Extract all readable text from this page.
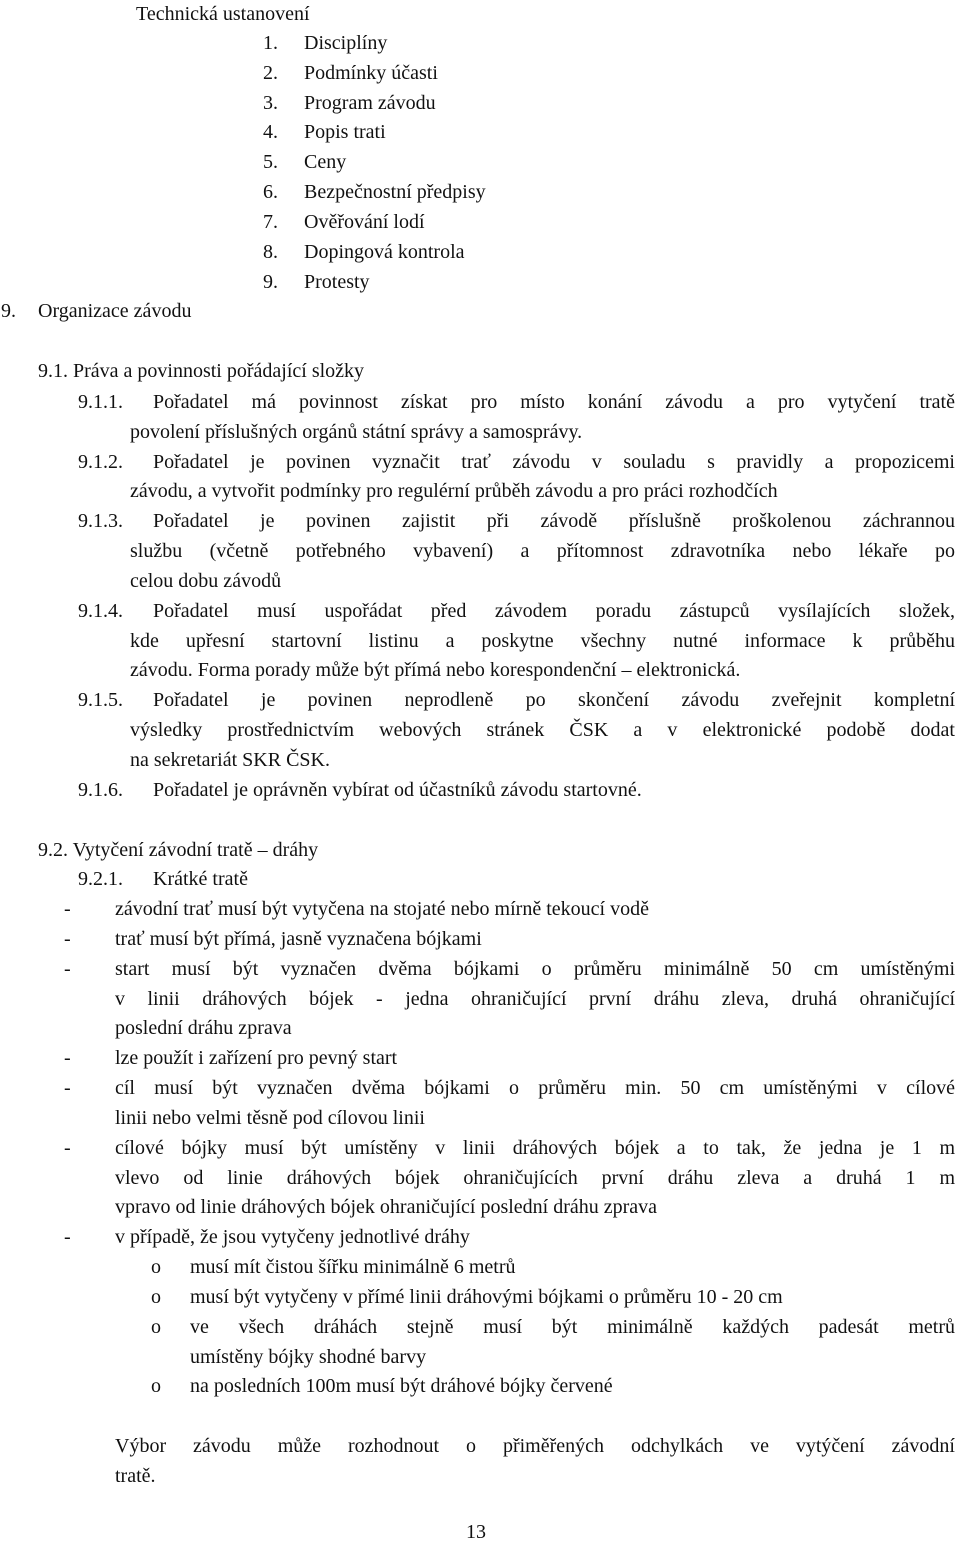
Technická ustanovení
1. Disciplíny
2. Podmínky účasti
3. Program závodu
4. Popis trati
5. Ceny
6. Bezpečnostní předpisy
7. Ověřování lodí
8. Dopingová kontrola
9. Protesty
9. Organizace závodu
9.1. Práva a povinnosti pořádající složky
9.1.1. Pořadatel má povinnost získat pro místo konání závodu a pro vytyčení tratě
povolení příslušných orgánů státní správy a samosprávy.
9.1.2. Pořadatel je povinen vyznačit trať závodu v souladu s pravidly a propozicemi
závodu, a vytvořit podmínky pro regulérní průběh závodu a pro práci rozhodčích
9.1.3. Pořadatel je povinen zajistit při závodě příslušně proškolenou záchrannou
službu (včetně potřebného vybavení) a přítomnost zdravotníka nebo lékaře po
celou dobu závodů
9.1.4. Pořadatel musí uspořádat před závodem poradu zástupců vysílajících složek,
kde upřesní startovní listinu a poskytne všechny nutné informace k průběhu
závodu. Forma porady může být přímá nebo korespondenční – elektronická.
9.1.5. Pořadatel je povinen neprodleně po skončení závodu zveřejnit kompletní
výsledky prostřednictvím webových stránek ČSK a v elektronické podobě dodat
na sekretariát SKR ČSK.
9.1.6. Pořadatel je oprávněn vybírat od účastníků závodu startovné.
9.2. Vytyčení závodní tratě – dráhy
9.2.1. Krátké tratě
- závodní trať musí být vytyčena na stojaté nebo mírně tekoucí vodě
- trať musí být přímá, jasně vyznačena bójkami
- start musí být vyznačen dvěma bójkami o průměru minimálně 50 cm umístěnými
v linii dráhových bójek - jedna ohraničující první dráhu zleva, druhá ohraničující
poslední dráhu zprava
- lze použít i zařízení pro pevný start
- cíl musí být vyznačen dvěma bójkami o průměru min. 50 cm umístěnými v cílové
linii nebo velmi těsně pod cílovou linii
- cílové bójky musí být umístěny v linii dráhových bójek a to tak, že jedna je 1 m
vlevo od linie dráhových bójek ohraničujících první dráhu zleva a druhá 1 m
vpravo od linie dráhových bójek ohraničující poslední dráhu zprava
- v případě, že jsou vytyčeny jednotlivé dráhy
o musí mít čistou šířku minimálně 6 metrů
o musí být vytyčeny v přímé linii dráhovými bójkami o průměru 10 - 20 cm
o ve všech dráhách stejně musí být minimálně každých padesát metrů
umístěny bójky shodné barvy
o na posledních 100m musí být dráhové bójky červené
Výbor závodu může rozhodnout o přiměřených odchylkách ve vytýčení závodní
tratě.
13
